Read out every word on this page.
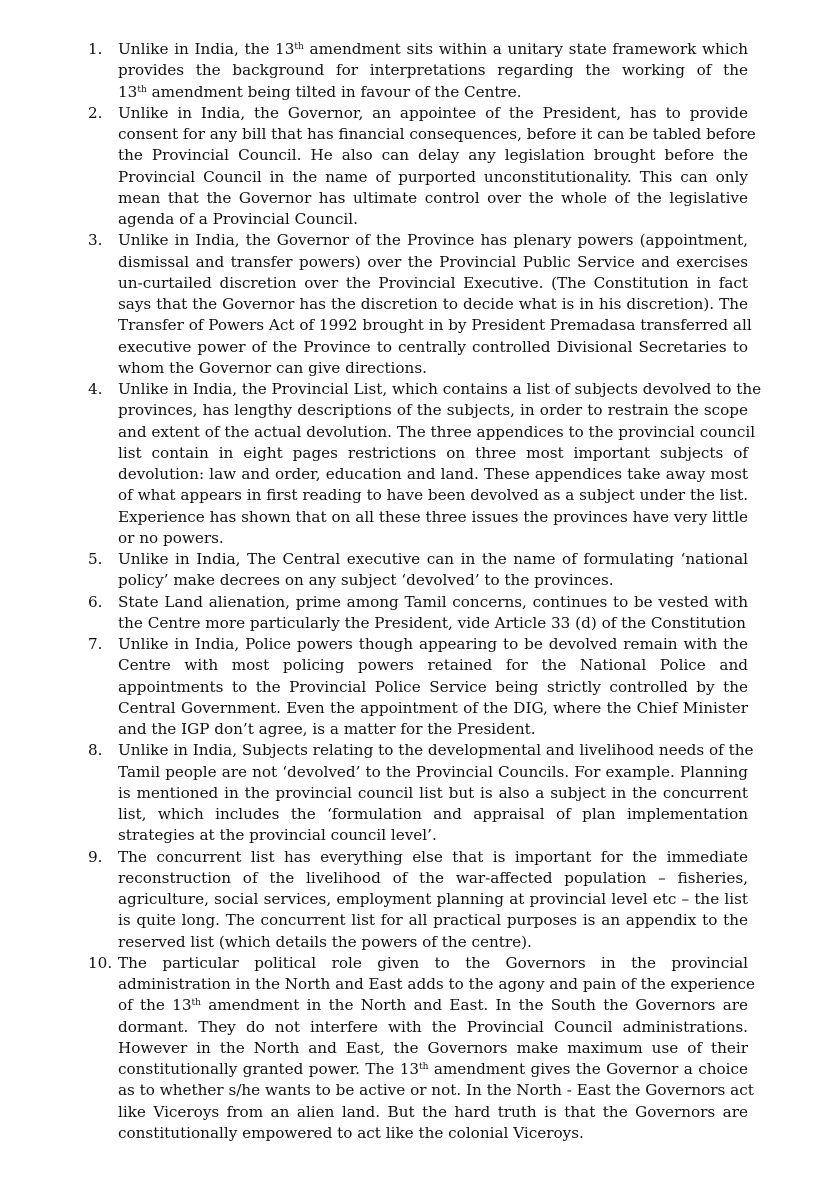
1.	Unlike in India, the 13th amendment sits within a unitary state framework which
provides the background for interpretations regarding the working of the
13th amendment being tilted in favour of the Centre.
2.	Unlike in India, the Governor, an appointee of the President, has to provide
consent for any bill that has financial consequences, before it can be tabled before
the Provincial Council. He also can delay any legislation brought before the
Provincial Council in the name of purported unconstitutionality. This can only
mean that the Governor has ultimate control over the whole of the legislative
agenda of a Provincial Council.
3.	Unlike in India, the Governor of the Province has plenary powers (appointment,
dismissal and transfer powers) over the Provincial Public Service and exercises
un-curtailed discretion over the Provincial Executive. (The Constitution in fact
says that the Governor has the discretion to decide what is in his discretion). The
Transfer of Powers Act of 1992 brought in by President Premadasa transferred all
executive power of the Province to centrally controlled Divisional Secretaries to
whom the Governor can give directions.
4.	Unlike in India, the Provincial List, which contains a list of subjects devolved to the
provinces, has lengthy descriptions of the subjects, in order to restrain the scope
and extent of the actual devolution. The three appendices to the provincial council
list contain in eight pages restrictions on three most important subjects of
devolution: law and order, education and land. These appendices take away most
of what appears in first reading to have been devolved as a subject under the list.
Experience has shown that on all these three issues the provinces have very little
or no powers.
5.	Unlike in India, The Central executive can in the name of formulating ‘national
policy’ make decrees on any subject ‘devolved’ to the provinces.
6.	State Land alienation, prime among Tamil concerns, continues to be vested with
the Centre more particularly the President, vide Article 33 (d) of the Constitution
7.	Unlike in India, Police powers though appearing to be devolved remain with the
Centre with most policing powers retained for the National Police and
appointments to the Provincial Police Service being strictly controlled by the
Central Government. Even the appointment of the DIG, where the Chief Minister
and the IGP don’t agree, is a matter for the President.
8.	Unlike in India, Subjects relating to the developmental and livelihood needs of the
Tamil people are not ‘devolved’ to the Provincial Councils. For example. Planning
is mentioned in the provincial council list but is also a subject in the concurrent
list, which includes the ‘formulation and appraisal of plan implementation
strategies at the provincial council level’.
9.	The concurrent list has everything else that is important for the immediate
reconstruction of the livelihood of the war-affected population – fisheries,
agriculture, social services, employment planning at provincial level etc – the list
is quite long. The concurrent list for all practical purposes is an appendix to the
reserved list (which details the powers of the centre).
10. The particular political role given to the Governors in the provincial
administration in the North and East adds to the agony and pain of the experience
of the 13th amendment in the North and East. In the South the Governors are
dormant. They do not interfere with the Provincial Council administrations.
However in the North and East, the Governors make maximum use of their
constitutionally granted power. The 13th amendment gives the Governor a choice
as to whether s/he wants to be active or not. In the North - East the Governors act
like Viceroys from an alien land. But the hard truth is that the Governors are
constitutionally empowered to act like the colonial Viceroys.
